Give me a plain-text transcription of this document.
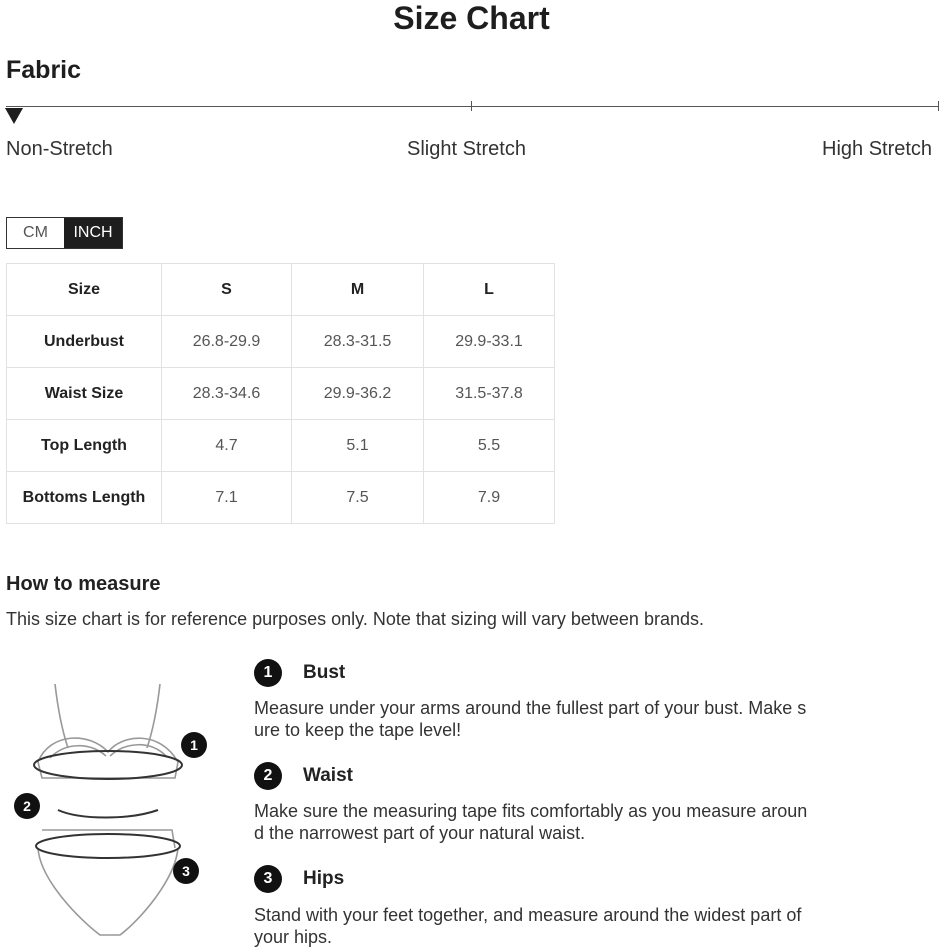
Size Chart
Fabric
Non-Stretch	Slight Stretch	High Stretch
CM	INCH
Size	S	M	L
Underbust	26.8-29.9	28.3-31.5	29.9-33.1
Waist Size	28.3-34.6	29.9-36.2	31.5-37.8
Top Length	4.7	5.1	5.5
Bottoms Length	7.1	7.5	7.9
How to measure
This size chart is for reference purposes only. Note that sizing will vary between brands.
1
2
3
1	Bust
Measure under your arms around the fullest part of your bust. Make s
ure to keep the tape level!
2	Waist
Make sure the measuring tape fits comfortably as you measure aroun
d the narrowest part of your natural waist.
3	Hips
Stand with your feet together, and measure around the widest part of
your hips.
